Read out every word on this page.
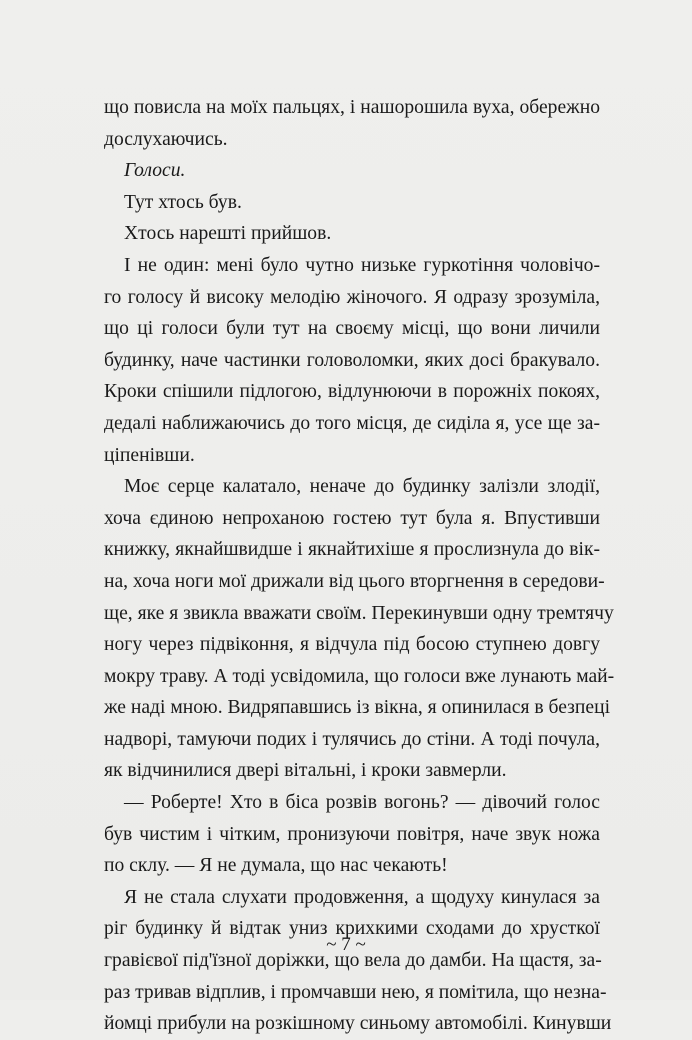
що повисла на моїх пальцях, і нашорошила вуха, обережно
дослухаючись.
Голоси.
Тут хтось був.
Хтось нарешті прийшов.
І не один: мені було чутно низьке гуркотіння чоловічо-
го голосу й високу мелодію жіночого. Я одразу зрозуміла,
що ці голоси були тут на своєму місці, що вони личили
будинку, наче частинки головоломки, яких досі бракувало.
Кроки спішили підлогою, відлунюючи в порожніх покоях,
дедалі наближаючись до того місця, де сиділа я, усе ще за-
ціпенівши.
Моє серце калатало, неначе до будинку залізли злодії,
хоча єдиною непроханою гостею тут була я. Впустивши
книжку, якнайшвидше і якнайтихіше я прослизнула до вік-
на, хоча ноги мої дрижали від цього вторгнення в середови-
ще, яке я звикла вважати своїм. Перекинувши одну тремтячу
ногу через підвіконня, я відчула під босою ступнею довгу
мокру траву. А тоді усвідомила, що голоси вже лунають май-
же наді мною. Видряпавшись із вікна, я опинилася в безпеці
надворі, тамуючи подих і тулячись до стіни. А тоді почула,
як відчинилися двері вітальні, і кроки завмерли.
— Роберте! Хто в біса розвів вогонь? — дівочий голос
був чистим і чітким, пронизуючи повітря, наче звук ножа
по склу. — Я не думала, що нас чекають!
Я не стала слухати продовження, а щодуху кинулася за
ріг будинку й відтак униз крихкими сходами до хрусткої
гравієвої під'їзної доріжки, що вела до дамби. На щастя, за-
раз тривав відплив, і промчавши нею, я помітила, що незна-
йомці прибули на розкішному синьому автомобілі. Кинувши
~ 7 ~
